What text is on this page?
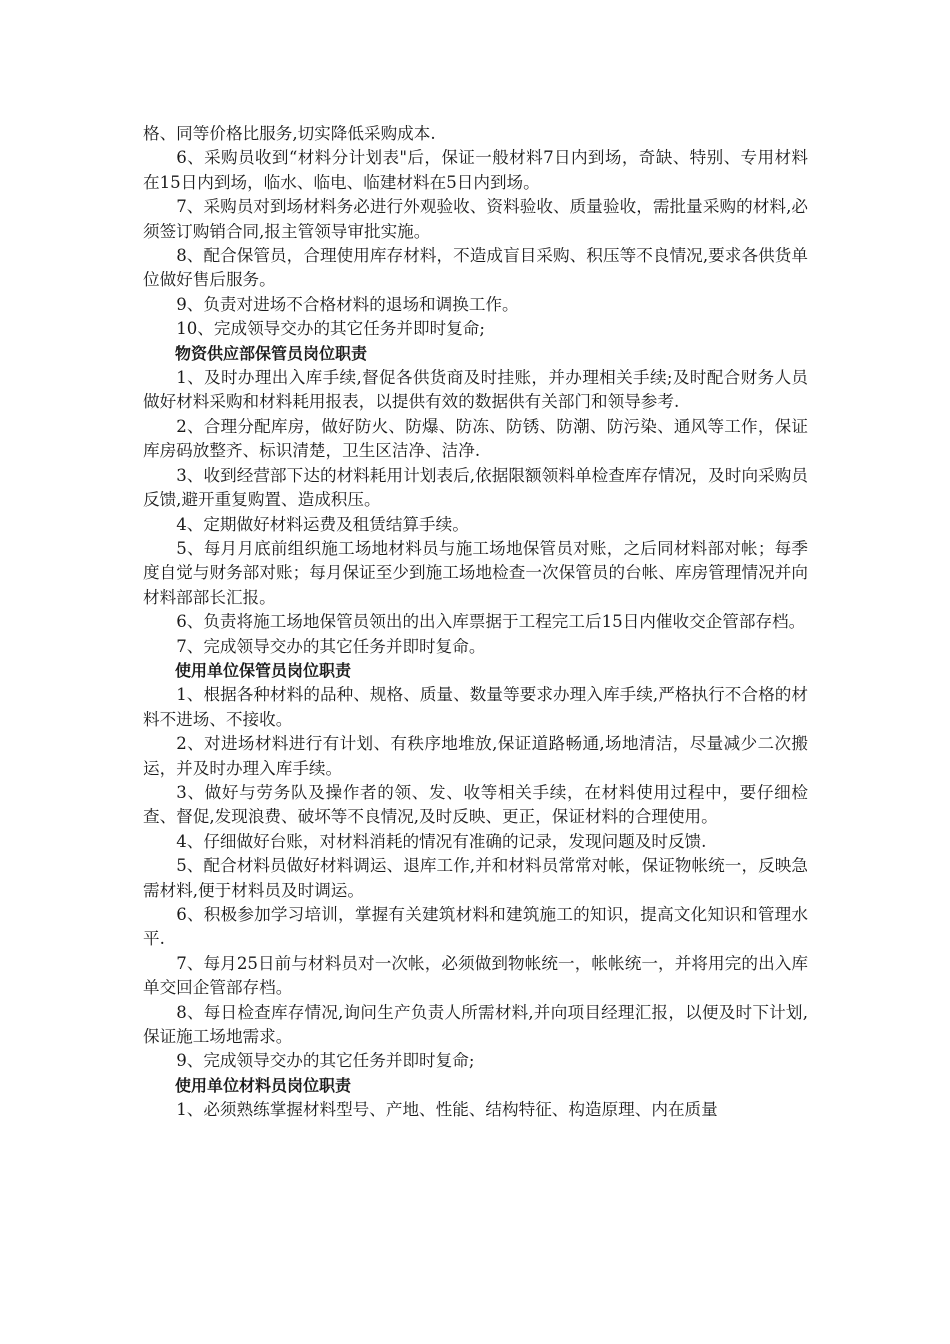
格、同等价格比服务,切实降低采购成本.

6、采购员收到“材料分计划表"后，保证一般材料7日内到场，奇缺、特别、专用材料在15日内到场，临水、临电、临建材料在5日内到场。

7、采购员对到场材料务必进行外观验收、资料验收、质量验收，需批量采购的材料,必须签订购销合同,报主管领导审批实施。

8、配合保管员，合理使用库存材料，不造成盲目采购、积压等不良情况,要求各供货单位做好售后服务。

9、负责对进场不合格材料的退场和调换工作。

10、完成领导交办的其它任务并即时复命;

物资供应部保管员岗位职责

1、及时办理出入库手续,督促各供货商及时挂账，并办理相关手续;及时配合财务人员做好材料采购和材料耗用报表，以提供有效的数据供有关部门和领导参考.

2、合理分配库房，做好防火、防爆、防冻、防锈、防潮、防污染、通风等工作，保证库房码放整齐、标识清楚，卫生区洁净、洁净.

3、收到经营部下达的材料耗用计划表后,依据限额领料单检查库存情况，及时向采购员反馈,避开重复购置、造成积压。

4、定期做好材料运费及租赁结算手续。

5、每月月底前组织施工场地材料员与施工场地保管员对账，之后同材料部对帐；每季度自觉与财务部对账；每月保证至少到施工场地检查一次保管员的台帐、库房管理情况并向材料部部长汇报。

6、负责将施工场地保管员领出的出入库票据于工程完工后15日内催收交企管部存档。

7、完成领导交办的其它任务并即时复命。

使用单位保管员岗位职责

1、根据各种材料的品种、规格、质量、数量等要求办理入库手续,严格执行不合格的材料不进场、不接收。

2、对进场材料进行有计划、有秩序地堆放,保证道路畅通,场地清洁，尽量减少二次搬运，并及时办理入库手续。

3、做好与劳务队及操作者的领、发、收等相关手续，在材料使用过程中，要仔细检查、督促,发现浪费、破坏等不良情况,及时反映、更正，保证材料的合理使用。

4、仔细做好台账，对材料消耗的情况有准确的记录，发现问题及时反馈.

5、配合材料员做好材料调运、退库工作,并和材料员常常对帐，保证物帐统一，反映急需材料,便于材料员及时调运。

6、积极参加学习培训，掌握有关建筑材料和建筑施工的知识，提高文化知识和管理水平.

7、每月25日前与材料员对一次帐，必须做到物帐统一，帐帐统一，并将用完的出入库单交回企管部存档。

8、每日检查库存情况,询问生产负责人所需材料,并向项目经理汇报，以便及时下计划,保证施工场地需求。

9、完成领导交办的其它任务并即时复命;

使用单位材料员岗位职责

1、必须熟练掌握材料型号、产地、性能、结构特征、构造原理、内在质量
